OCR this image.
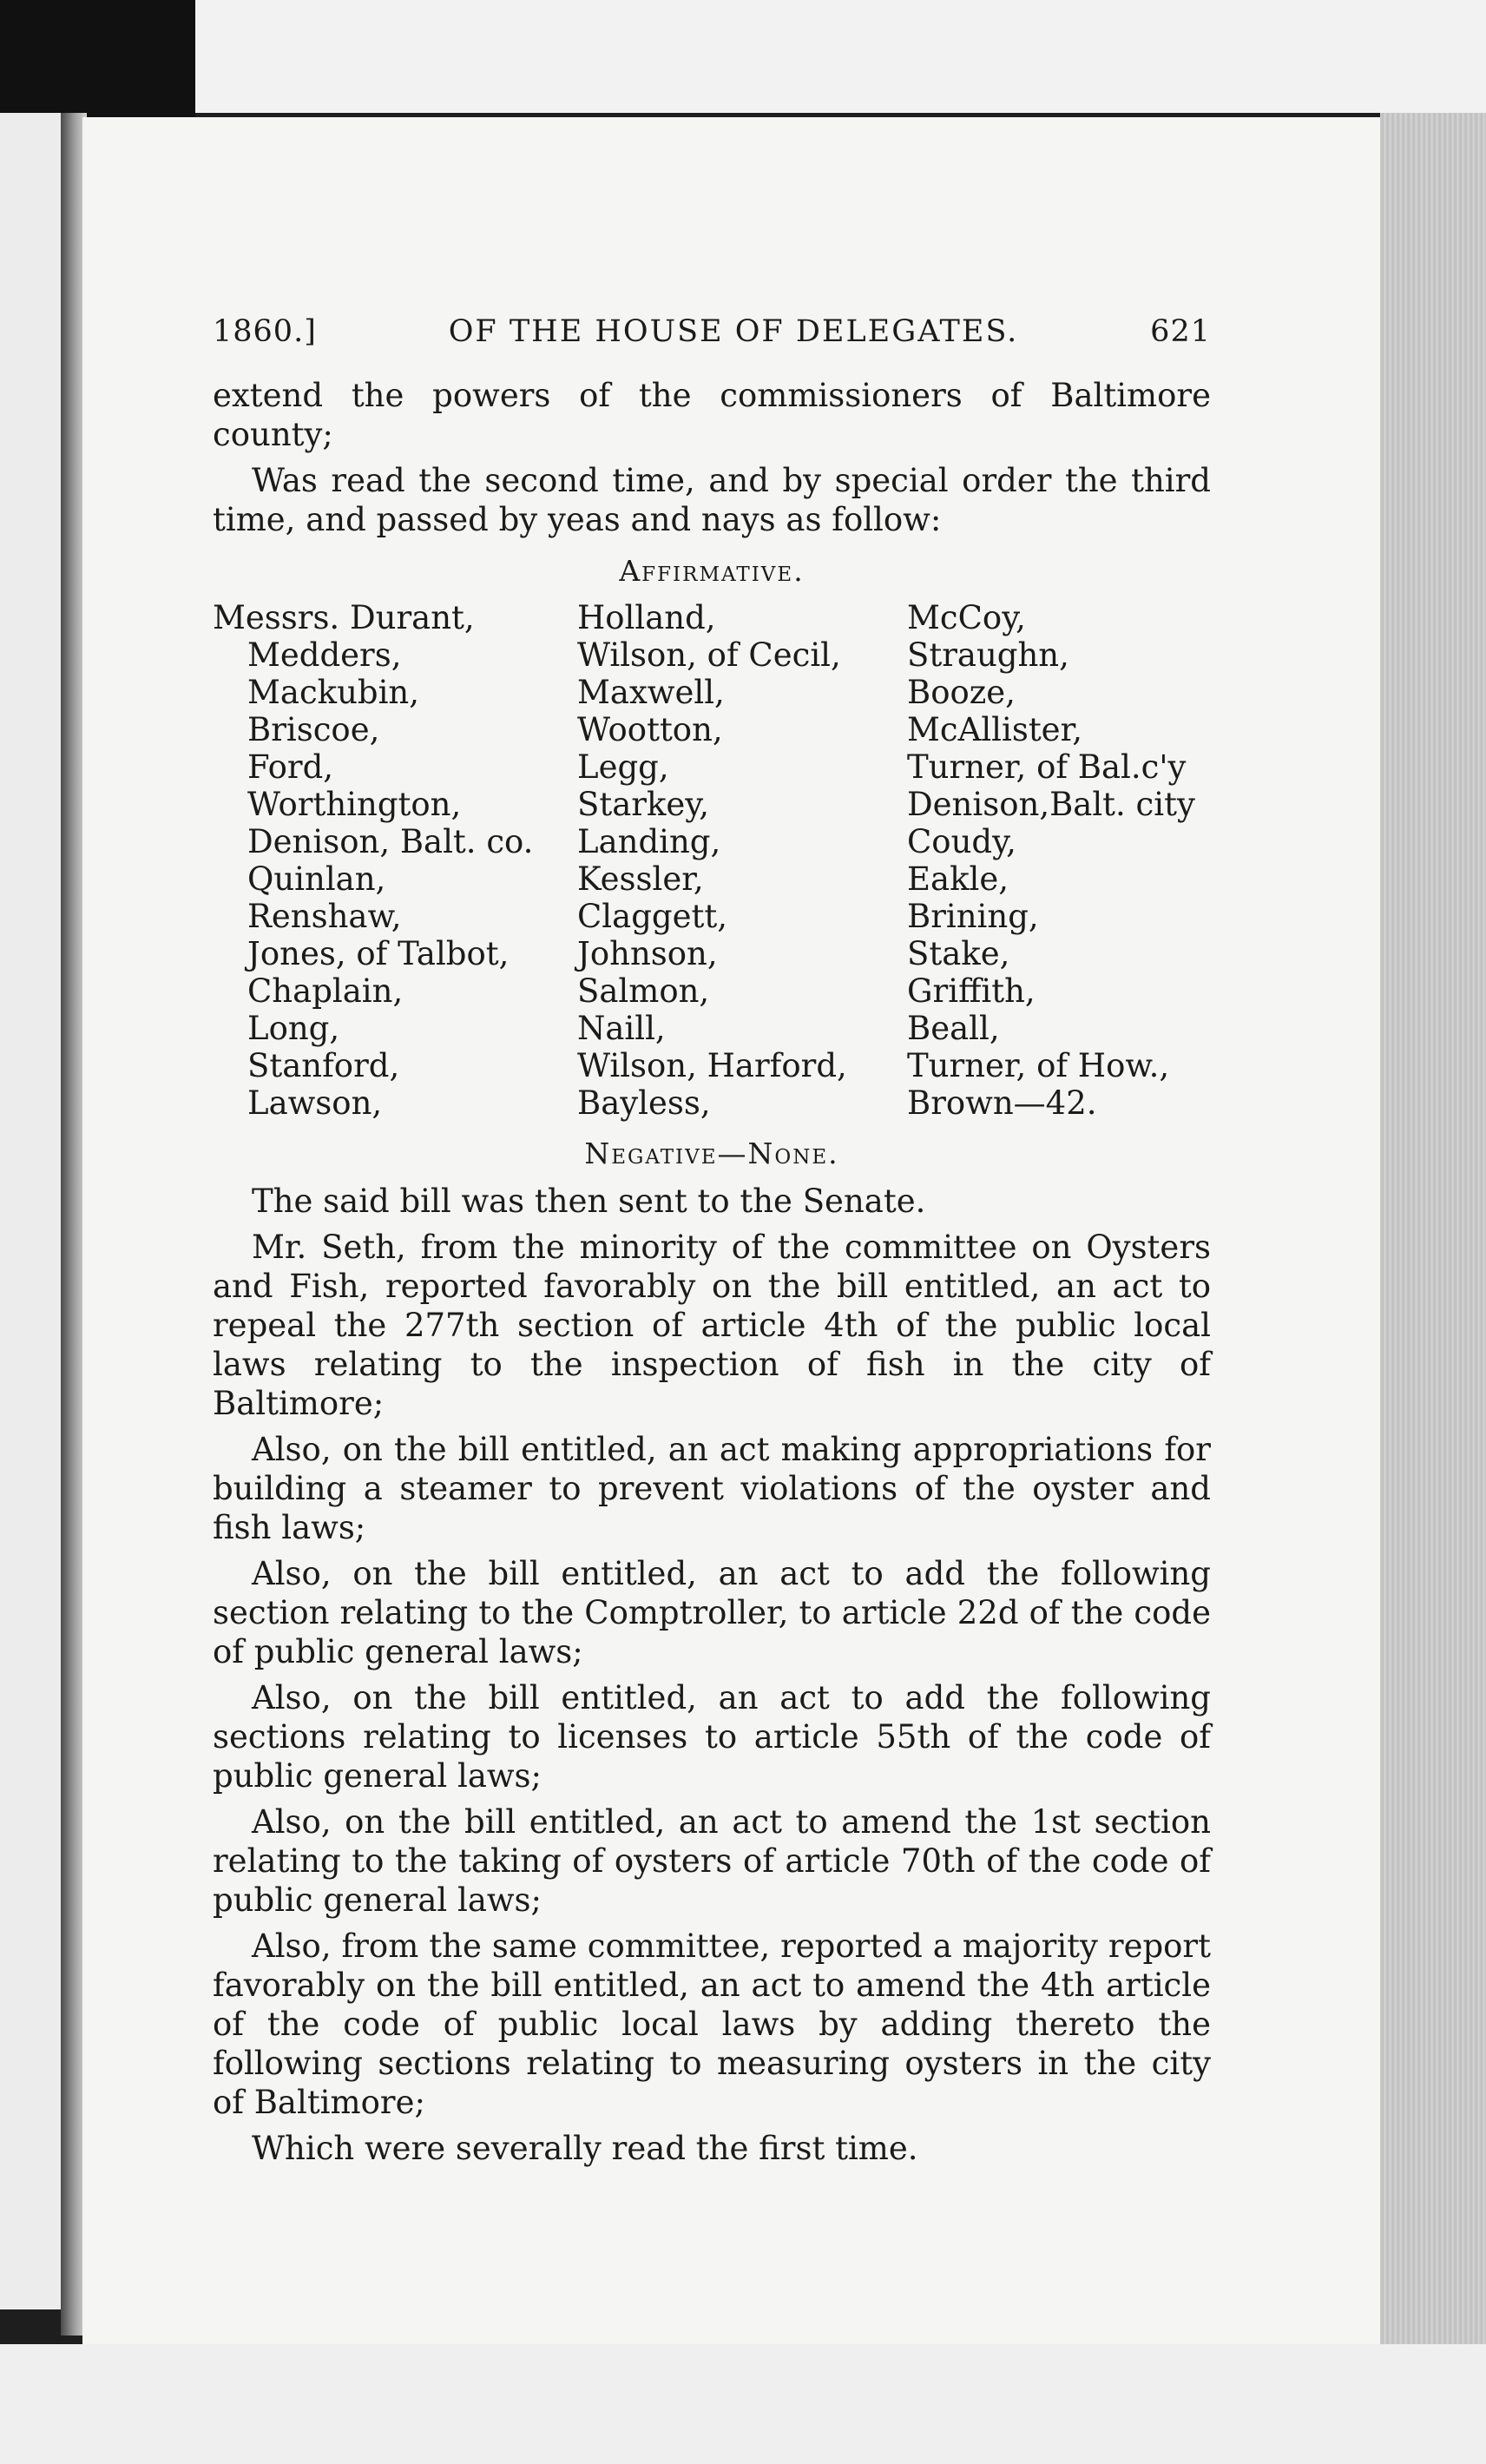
1860.]	OF THE HOUSE OF DELEGATES.	621

extend the powers of the commissioners of Baltimore county;

Was read the second time, and by special order the third time, and passed by yeas and nays as follow:

Affirmative.
Messrs. Durant,
Medders,
Mackubin,
Briscoe,
Ford,
Worthington,
Denison, Balt. co.
Quinlan,
Renshaw,
Jones, of Talbot,
Chaplain,
Long,
Stanford,
Lawson,
Holland,
Wilson, of Cecil,
Maxwell,
Wootton,
Legg,
Starkey,
Landing,
Kessler,
Claggett,
Johnson,
Salmon,
Naill,
Wilson, Harford,
Bayless,
McCoy,
Straughn,
Booze,
McAllister,
Turner, of Bal.c'y
Denison,Balt. city
Coudy,
Eakle,
Brining,
Stake,
Griffith,
Beall,
Turner, of How.,
Brown—42.
Negative—None.

The said bill was then sent to the Senate.

Mr. Seth, from the minority of the committee on Oysters and Fish, reported favorably on the bill entitled, an act to repeal the 277th section of article 4th of the public local laws relating to the inspection of fish in the city of Baltimore;

Also, on the bill entitled, an act making appropriations for building a steamer to prevent violations of the oyster and fish laws;

Also, on the bill entitled, an act to add the following section relating to the Comptroller, to article 22d of the code of public general laws;

Also, on the bill entitled, an act to add the following sections relating to licenses to article 55th of the code of public general laws;

Also, on the bill entitled, an act to amend the 1st section relating to the taking of oysters of article 70th of the code of public general laws;

Also, from the same committee, reported a majority report favorably on the bill entitled, an act to amend the 4th article of the code of public local laws by adding thereto the following sections relating to measuring oysters in the city of Baltimore;

Which were severally read the first time.
